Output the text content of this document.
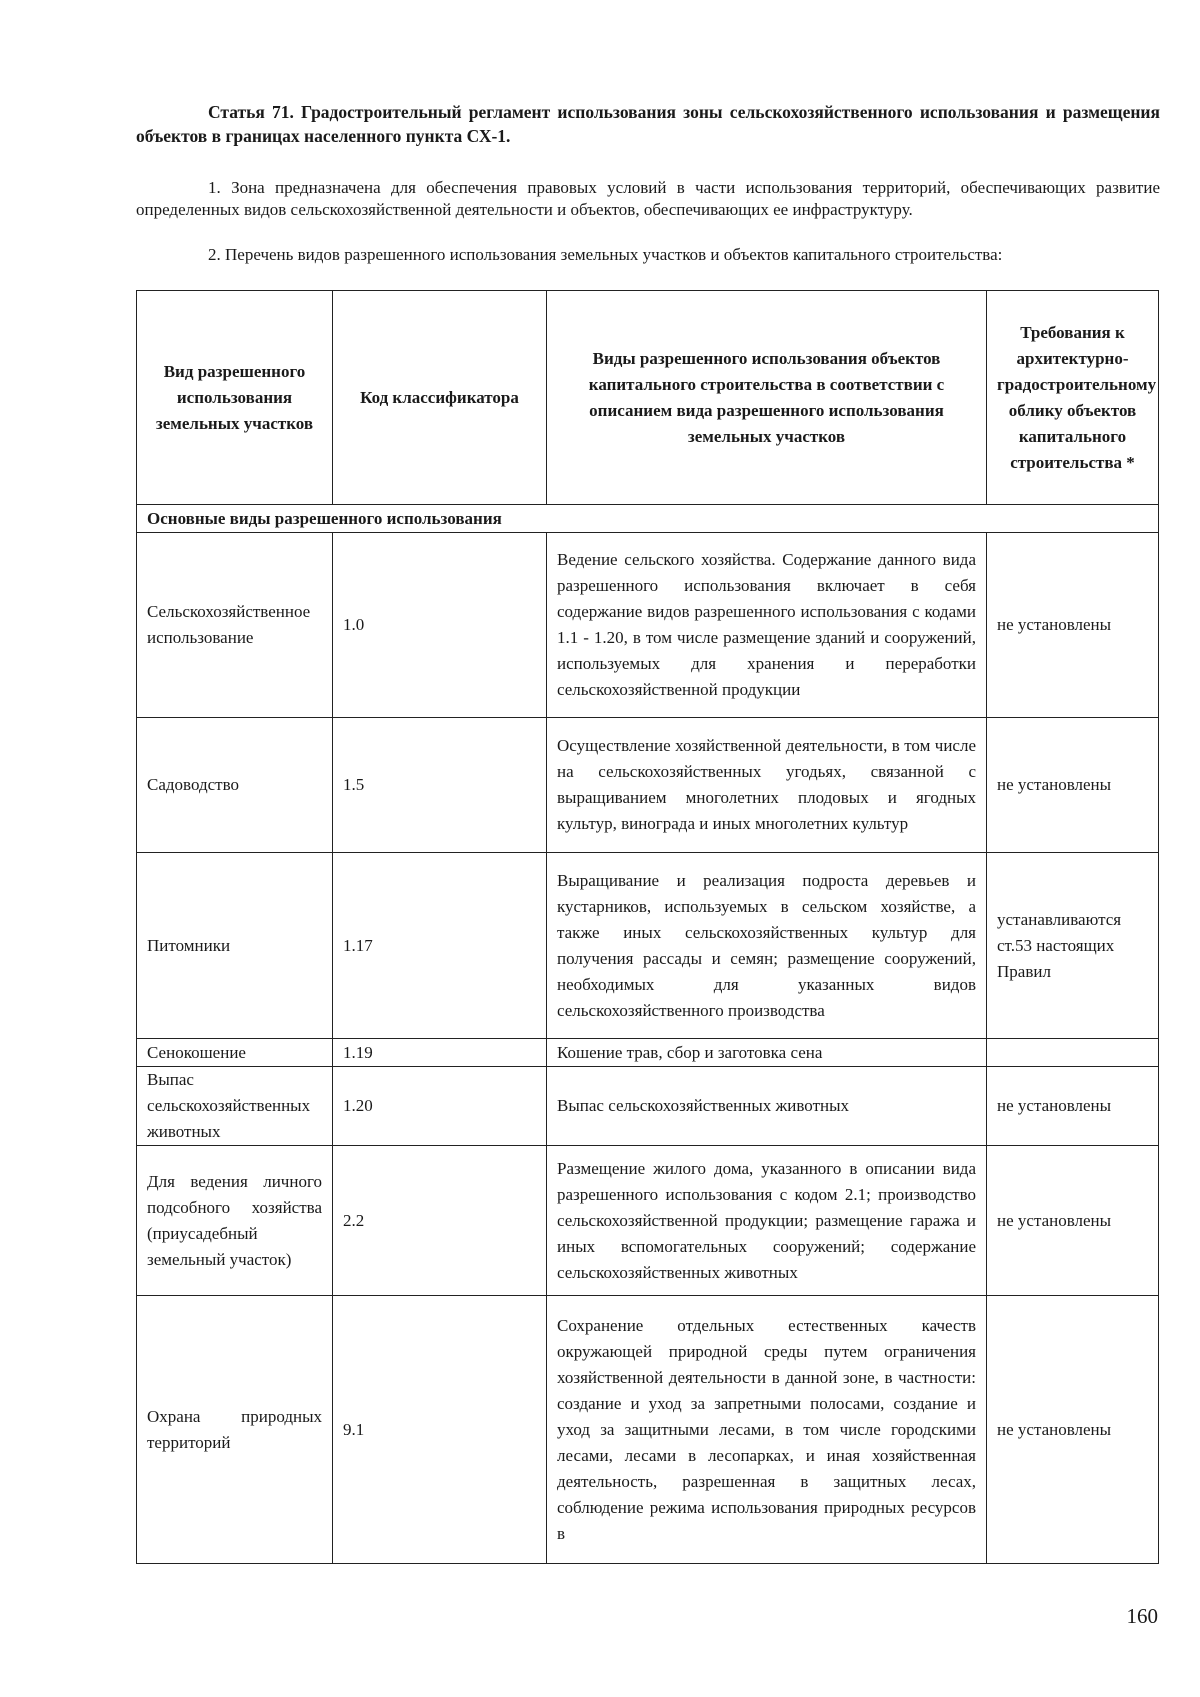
Статья 71. Градостроительный регламент использования зоны сельскохозяйственного использования и размещения объектов в границах населенного пункта СХ-1.
1. Зона предназначена для обеспечения правовых условий в части использования территорий, обеспечивающих развитие определенных видов сельскохозяйственной деятельности и объектов, обеспечивающих ее инфраструктуру.
2. Перечень видов разрешенного использования земельных участков и объектов капитального строительства:
Вид разрешенного использования земельных участков	Код классификатора	Виды разрешенного использования объектов капитального строительства в соответствии с описанием вида разрешенного использования земельных участков	Требования к архитектурно-градостроительному облику объектов капитального строительства *
Основные виды разрешенного использования			
Сельскохозяйственное использование	1.0	Ведение сельского хозяйства. Содержание данного вида разрешенного использования включает в себя содержание видов разрешенного использования с кодами 1.1 - 1.20, в том числе размещение зданий и сооружений, используемых для хранения и переработки сельскохозяйственной продукции	не установлены
Садоводство	1.5	Осуществление хозяйственной деятельности, в том числе на сельскохозяйственных угодьях, связанной с выращиванием многолетних плодовых и ягодных культур, винограда и иных многолетних культур	не установлены
Питомники	1.17	Выращивание и реализация подроста деревьев и кустарников, используемых в сельском хозяйстве, а также иных сельскохозяйственных культур для получения рассады и семян; размещение сооружений, необходимых для указанных видов сельскохозяйственного производства	устанавливаются ст.53 настоящих Правил
Сенокошение	1.19	Кошение трав, сбор и заготовка сена	
Выпас сельскохозяйственных животных	1.20	Выпас сельскохозяйственных животных	не установлены
Для ведения личного подсобного хозяйства (приусадебный земельный участок)	2.2	Размещение жилого дома, указанного в описании вида разрешенного использования с кодом 2.1; производство сельскохозяйственной продукции; размещение гаража и иных вспомогательных сооружений; содержание сельскохозяйственных животных	не установлены
Охрана природных территорий	9.1	Сохранение отдельных естественных качеств окружающей природной среды путем ограничения хозяйственной деятельности в данной зоне, в частности: создание и уход за запретными полосами, создание и уход за защитными лесами, в том числе городскими лесами, лесами в лесопарках, и иная хозяйственная деятельность, разрешенная в защитных лесах, соблюдение режима использования природных ресурсов в	не установлены
160
